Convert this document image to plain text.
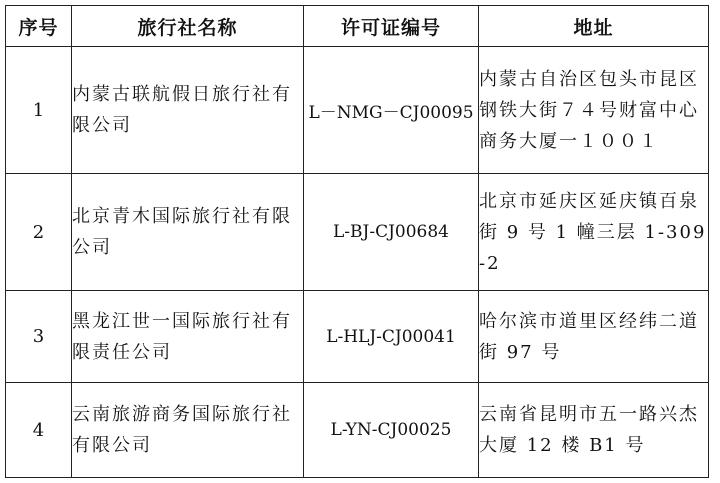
序号	旅行社名称	许可证编号	地址
1	内蒙古联航假日旅行社有限公司	L－NMG－CJ00095	内蒙古自治区包头市昆区钢铁大街７４号财富中心商务大厦一１００１
2	北京青木国际旅行社有限公司	L-BJ-CJ00684	北京市延庆区延庆镇百泉街 9 号 1 幢三层 1-309-2
3	黑龙江世一国际旅行社有限责任公司	L-HLJ-CJ00041	哈尔滨市道里区经纬二道街 97 号
4	云南旅游商务国际旅行社有限公司	L-YN-CJ00025	云南省昆明市五一路兴杰大厦 12 楼 B1 号
